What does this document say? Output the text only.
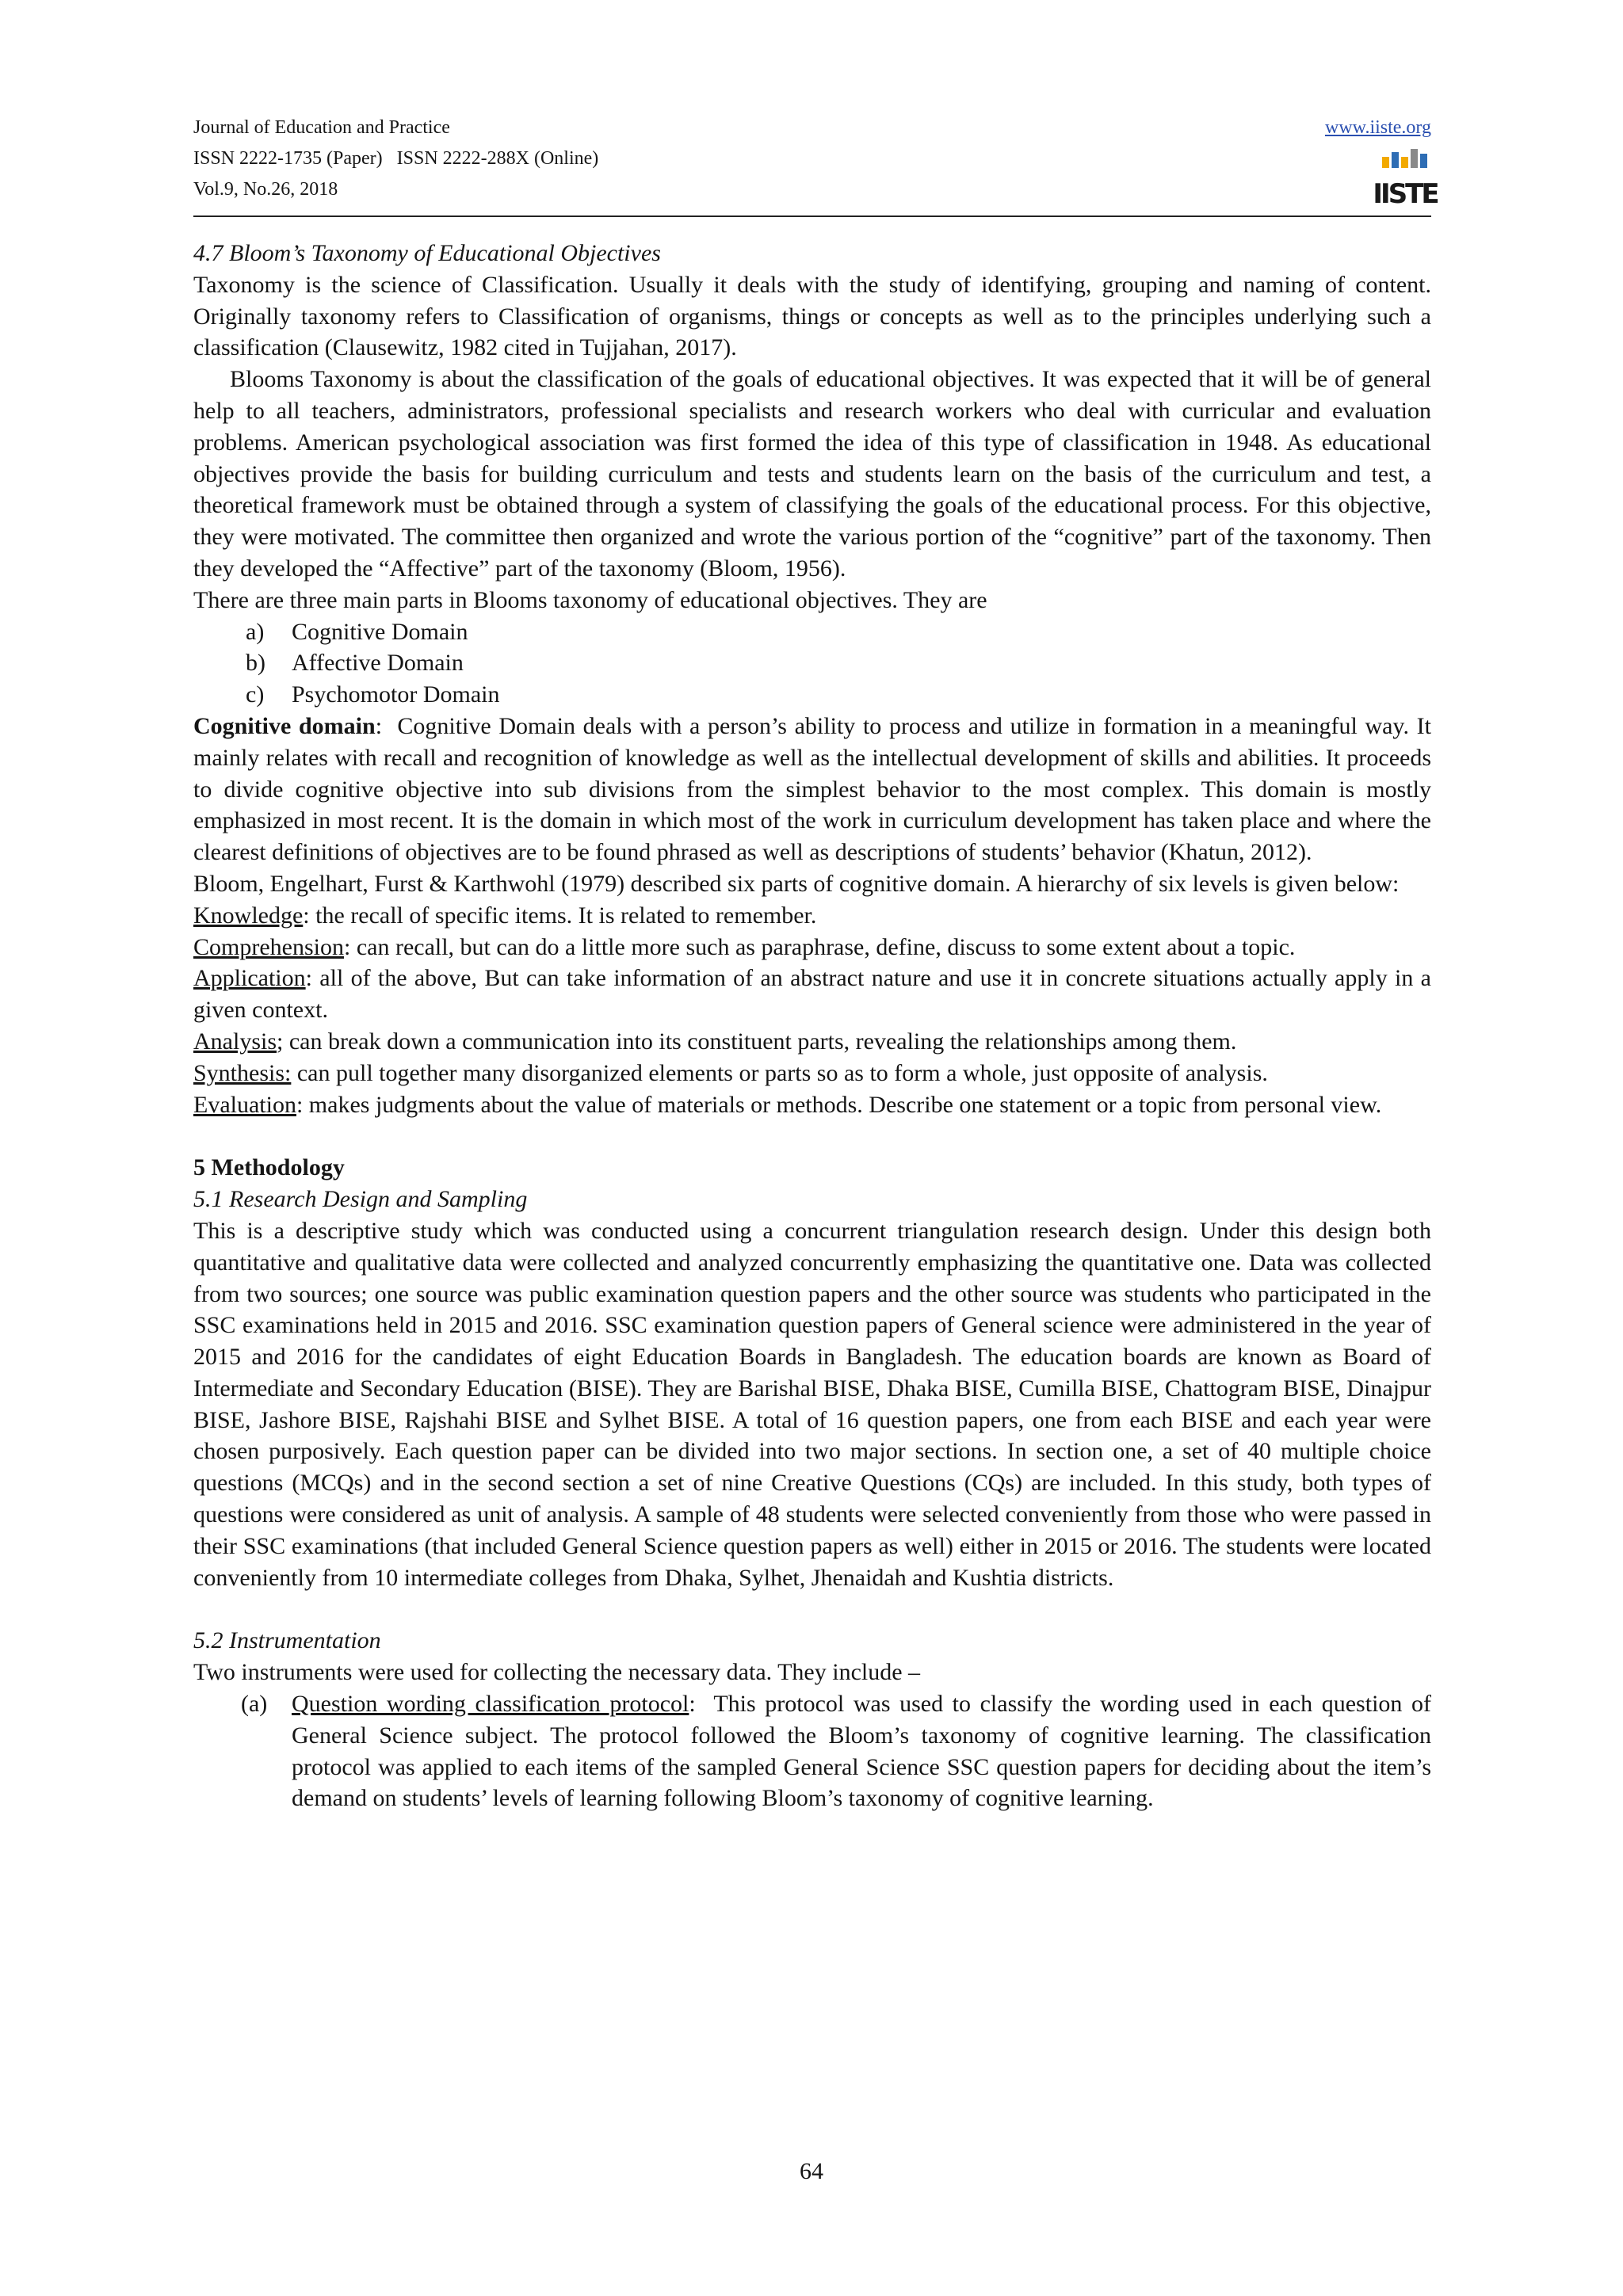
Journal of Education and Practice

ISSN 2222-1735 (Paper)   ISSN 2222-288X (Online)

Vol.9, No.26, 2018

www.iiste.org
IISTE

4.7 Bloom’s Taxonomy of Educational Objectives

Taxonomy is the science of Classification. Usually it deals with the study of identifying, grouping and naming of content. Originally taxonomy refers to Classification of organisms, things or concepts as well as to the principles underlying such a classification (Clausewitz, 1982 cited in Tujjahan, 2017).

Blooms Taxonomy is about the classification of the goals of educational objectives. It was expected that it will be of general help to all teachers, administrators, professional specialists and research workers who deal with curricular and evaluation problems. American psychological association was first formed the idea of this type of classification in 1948. As educational objectives provide the basis for building curriculum and tests and students learn on the basis of the curriculum and test, a theoretical framework must be obtained through a system of classifying the goals of the educational process. For this objective, they were motivated. The committee then organized and wrote the various portion of the “cognitive” part of the taxonomy. Then they developed the “Affective” part of the taxonomy (Bloom, 1956).

There are three main parts in Blooms taxonomy of educational objectives. They are

a) Cognitive Domain

b) Affective Domain

c) Psychomotor Domain

Cognitive domain:  Cognitive Domain deals with a person’s ability to process and utilize in formation in a meaningful way. It mainly relates with recall and recognition of knowledge as well as the intellectual development of skills and abilities. It proceeds to divide cognitive objective into sub divisions from the simplest behavior to the most complex. This domain is mostly emphasized in most recent. It is the domain in which most of the work in curriculum development has taken place and where the clearest definitions of objectives are to be found phrased as well as descriptions of students’ behavior (Khatun, 2012).

Bloom, Engelhart, Furst & Karthwohl (1979) described six parts of cognitive domain. A hierarchy of six levels is given below:

Knowledge: the recall of specific items. It is related to remember.

Comprehension: can recall, but can do a little more such as paraphrase, define, discuss to some extent about a topic.

Application: all of the above, But can take information of an abstract nature and use it in concrete situations actually apply in a given context.

Analysis; can break down a communication into its constituent parts, revealing the relationships among them.

Synthesis: can pull together many disorganized elements or parts so as to form a whole, just opposite of analysis.

Evaluation: makes judgments about the value of materials or methods. Describe one statement or a topic from personal view.

5 Methodology

5.1 Research Design and Sampling

This is a descriptive study which was conducted using a concurrent triangulation research design. Under this design both quantitative and qualitative data were collected and analyzed concurrently emphasizing the quantitative one. Data was collected from two sources; one source was public examination question papers and the other source was students who participated in the SSC examinations held in 2015 and 2016. SSC examination question papers of General science were administered in the year of 2015 and 2016 for the candidates of eight Education Boards in Bangladesh. The education boards are known as Board of Intermediate and Secondary Education (BISE). They are Barishal BISE, Dhaka BISE, Cumilla BISE, Chattogram BISE, Dinajpur BISE, Jashore BISE, Rajshahi BISE and Sylhet BISE. A total of 16 question papers, one from each BISE and each year were chosen purposively. Each question paper can be divided into two major sections. In section one, a set of 40 multiple choice questions (MCQs) and in the second section a set of nine Creative Questions (CQs) are included. In this study, both types of questions were considered as unit of analysis. A sample of 48 students were selected conveniently from those who were passed in their SSC examinations (that included General Science question papers as well) either in 2015 or 2016. The students were located conveniently from 10 intermediate colleges from Dhaka, Sylhet, Jhenaidah and Kushtia districts.

5.2 Instrumentation

Two instruments were used for collecting the necessary data. They include –

(a) Question wording classification protocol:  This protocol was used to classify the wording used in each question of General Science subject. The protocol followed the Bloom’s taxonomy of cognitive learning. The classification protocol was applied to each items of the sampled General Science SSC question papers for deciding about the item’s demand on students’ levels of learning following Bloom’s taxonomy of cognitive learning.

64
